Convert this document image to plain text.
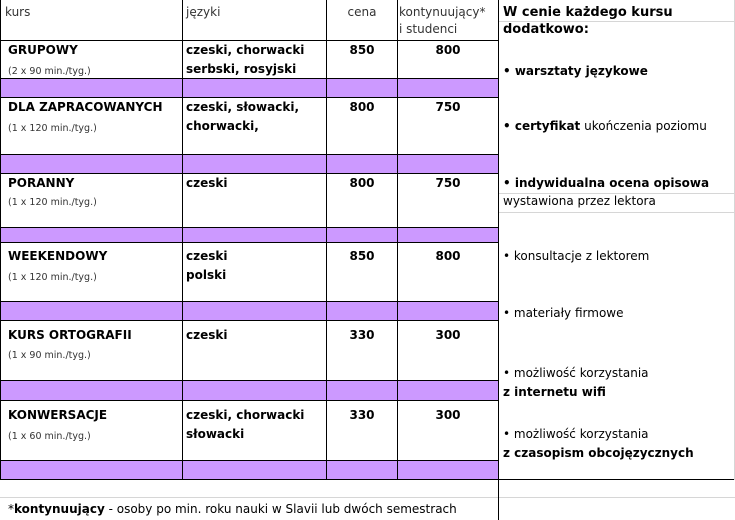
kurs	języki	cena	kontynuujący*
i studenci
W cenie każdego kursu
dodatkowo:
GRUPOWY
(2 x 90 min./tyg.)
czeski, chorwacki
serbski, rosyjski
850	800
DLA ZAPRACOWANYCH
(1 x 120 min./tyg.)
czeski, słowacki,
chorwacki,
800	750
PORANNY
(1 x 120 min./tyg.)
czeski	800	750
WEEKENDOWY
(1 x 120 min./tyg.)
czeski
polski
850	800
KURS ORTOGRAFII
(1 x 90 min./tyg.)
czeski	330	300
KONWERSACJE
(1 x 60 min./tyg.)
czeski, chorwacki
słowacki
330	300
• warsztaty językowe
• certyfikat ukończenia poziomu
• indywidualna ocena opisowa
wystawiona przez lektora
• konsultacje z lektorem
• materiały firmowe
• możliwość korzystania
z internetu wifi
• możliwość korzystania
z czasopism obcojęzycznych
*kontynuujący - osoby po min. roku nauki w Slavii lub dwóch semestrach
